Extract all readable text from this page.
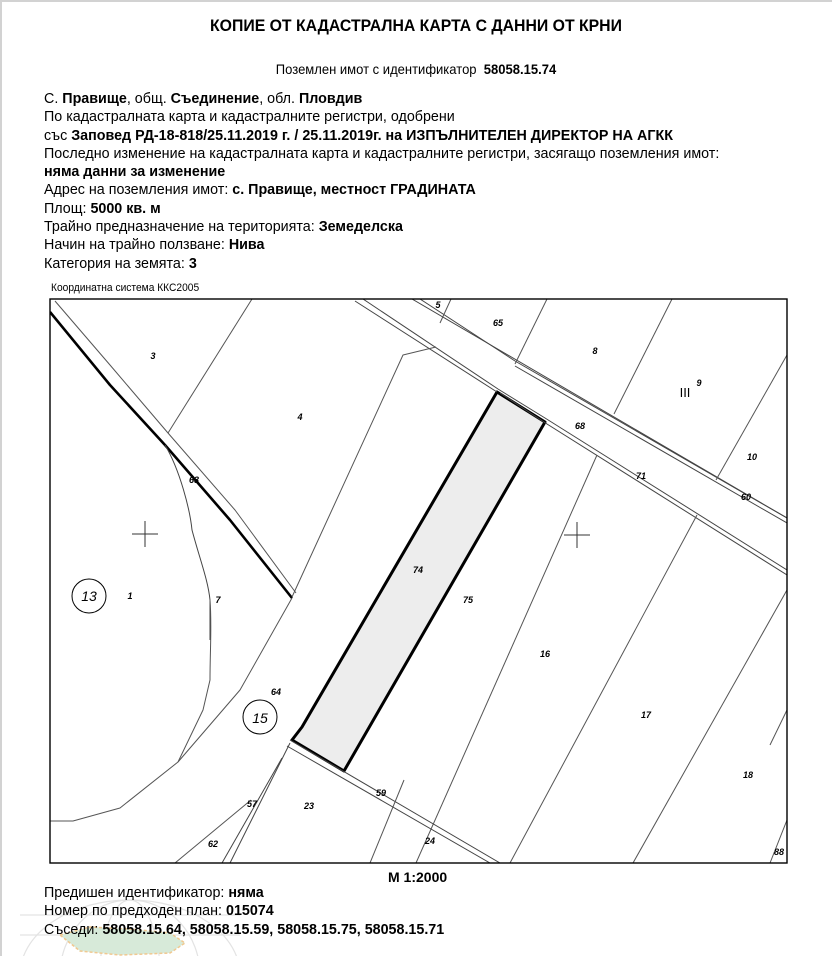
КОПИЕ ОТ КАДАСТРАЛНА КАРТА С ДАННИ ОТ КРНИ
Поземлен имот с идентификатор 58058.15.74
С. Правище, общ. Съединение, обл. Пловдив
По кадастралната карта и кадастралните регистри, одобрени
със Заповед РД-18-818/25.11.2019 г. / 25.11.2019г. на ИЗПЪЛНИТЕЛЕН ДИРЕКТОР НА АГКК
Последно изменение на кадастралната карта и кадастралните регистри, засягащо поземления имот:
няма данни за изменение
Адрес на поземления имот: с. Правище, местност ГРАДИНАТА
Площ: 5000 кв. м
Трайно предназначение на територията: Земеделска
Начин на трайно ползване: Нива
Категория на земята: 3
Координатна система ККС2005
3
4
5
65
8
9
68
71
10
60
63
1	7
74
75
16
64
17
18
59
57	23
24
62
88
13
15
III
М 1:2000
Предишен идентификатор: няма
Номер по предходен план: 015074
Съседи: 58058.15.64, 58058.15.59, 58058.15.75, 58058.15.71
